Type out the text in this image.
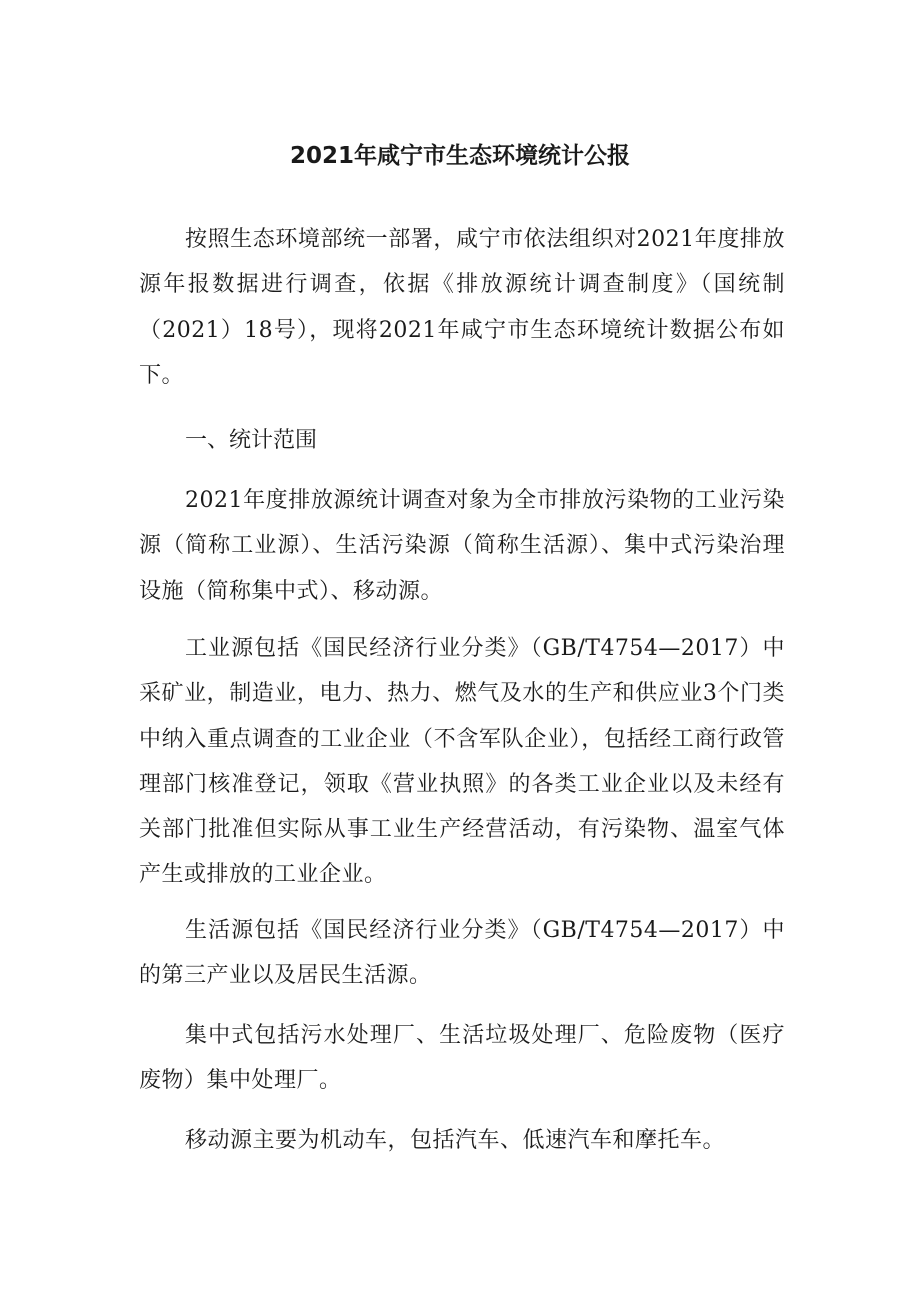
2021年咸宁市生态环境统计公报

按照生态环境部统一部署，咸宁市依法组织对2021年度排放源年报数据进行调查，依据《排放源统计调查制度》（国统制（2021）18号），现将2021年咸宁市生态环境统计数据公布如下。

一、统计范围

2021年度排放源统计调查对象为全市排放污染物的工业污染源（简称工业源）、生活污染源（简称生活源）、集中式污染治理设施（简称集中式）、移动源。

工业源包括《国民经济行业分类》（GB/T4754—2017）中采矿业，制造业，电力、热力、燃气及水的生产和供应业3个门类中纳入重点调查的工业企业（不含军队企业），包括经工商行政管理部门核准登记，领取《营业执照》的各类工业企业以及未经有关部门批准但实际从事工业生产经营活动，有污染物、温室气体产生或排放的工业企业。

生活源包括《国民经济行业分类》（GB/T4754—2017）中的第三产业以及居民生活源。

集中式包括污水处理厂、生活垃圾处理厂、危险废物（医疗废物）集中处理厂。

移动源主要为机动车，包括汽车、低速汽车和摩托车。
